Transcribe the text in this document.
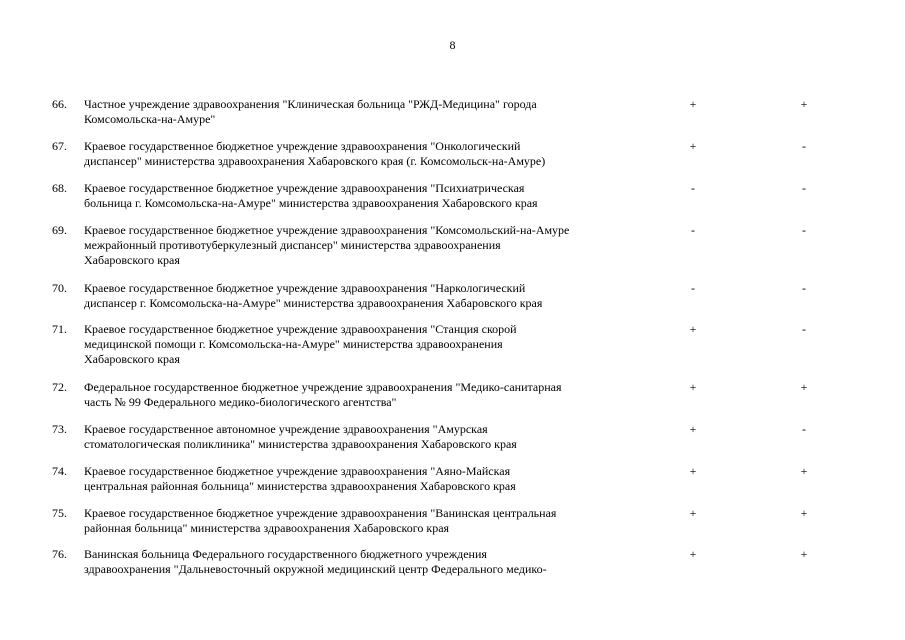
8
66.	Частное учреждение здравоохранения "Клиническая больница "РЖД-Медицина" города
Комсомольска-на-Амуре"
+	+
67.	Краевое государственное бюджетное учреждение здравоохранения "Онкологический
диспансер" министерства здравоохранения Хабаровского края (г. Комсомольск-на-Амуре)
+	-
68.	Краевое государственное бюджетное учреждение здравоохранения "Психиатрическая
больница г. Комсомольска-на-Амуре" министерства здравоохранения Хабаровского края
-	-
69.	Краевое государственное бюджетное учреждение здравоохранения "Комсомольский-на-Амуре
межрайонный противотуберкулезный диспансер" министерства здравоохранения
Хабаровского края
-	-
70.	Краевое государственное бюджетное учреждение здравоохранения "Наркологический
диспансер г. Комсомольска-на-Амуре" министерства здравоохранения Хабаровского края
-	-
71.	Краевое государственное бюджетное учреждение здравоохранения "Станция скорой
медицинской помощи г. Комсомольска-на-Амуре" министерства здравоохранения
Хабаровского края
+	-
72.	Федеральное государственное бюджетное учреждение здравоохранения "Медико-санитарная
часть № 99 Федерального медико-биологического агентства"
+	+
73.	Краевое государственное автономное учреждение здравоохранения "Амурская
стоматологическая поликлиника" министерства здравоохранения Хабаровского края
+	-
74.	Краевое государственное бюджетное учреждение здравоохранения "Аяно-Майская
центральная районная больница" министерства здравоохранения Хабаровского края
+	+
75.	Краевое государственное бюджетное учреждение здравоохранения "Ванинская центральная
районная больница" министерства здравоохранения Хабаровского края
+	+
76.	Ванинская больница Федерального государственного бюджетного учреждения
здравоохранения "Дальневосточный окружной медицинский центр Федерального медико-
+	+
